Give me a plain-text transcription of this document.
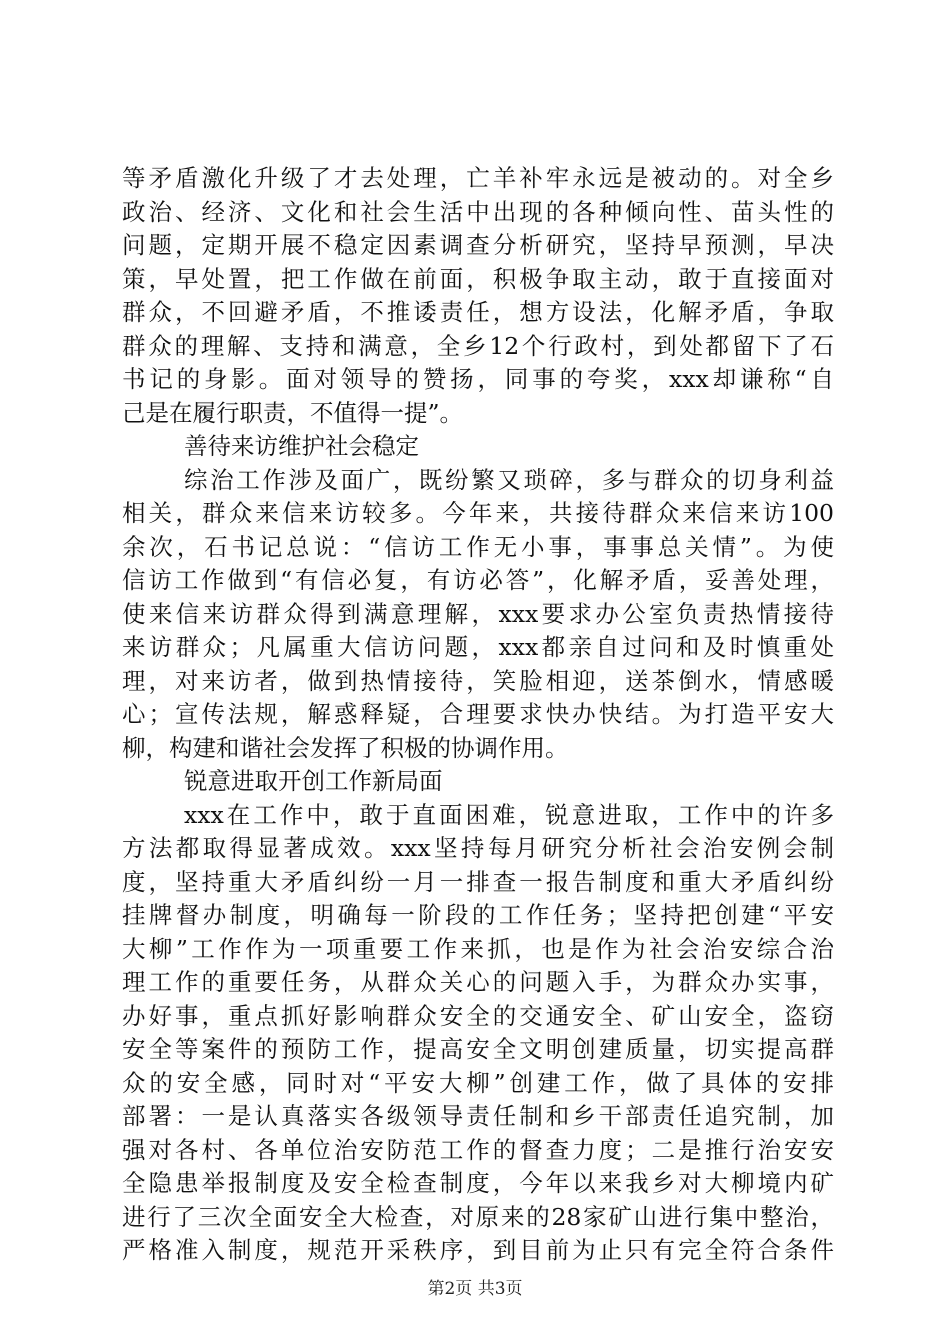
等矛盾激化升级了才去处理，亡羊补牢永远是被动的。对全乡
政治、经济、文化和社会生活中出现的各种倾向性、苗头性的
问题，定期开展不稳定因素调查分析研究，坚持早预测，早决
策，早处置，把工作做在前面，积极争取主动，敢于直接面对
群众，不回避矛盾，不推诿责任，想方设法，化解矛盾，争取
群众的理解、支持和满意，全乡12个行政村，到处都留下了石
书记的身影。面对领导的赞扬，同事的夸奖，xxx却谦称“自
己是在履行职责，不值得一提”。
善待来访维护社会稳定
综治工作涉及面广，既纷繁又琐碎，多与群众的切身利益
相关，群众来信来访较多。今年来，共接待群众来信来访100
余次，石书记总说：“信访工作无小事，事事总关情”。为使
信访工作做到“有信必复，有访必答”，化解矛盾，妥善处理，
使来信来访群众得到满意理解，xxx要求办公室负责热情接待
来访群众；凡属重大信访问题，xxx都亲自过问和及时慎重处
理，对来访者，做到热情接待，笑脸相迎，送茶倒水，情感暖
心；宣传法规，解惑释疑，合理要求快办快结。为打造平安大
柳，构建和谐社会发挥了积极的协调作用。
锐意进取开创工作新局面
xxx在工作中，敢于直面困难，锐意进取，工作中的许多
方法都取得显著成效。xxx坚持每月研究分析社会治安例会制
度，坚持重大矛盾纠纷一月一排查一报告制度和重大矛盾纠纷
挂牌督办制度，明确每一阶段的工作任务；坚持把创建“平安
大柳”工作作为一项重要工作来抓，也是作为社会治安综合治
理工作的重要任务，从群众关心的问题入手，为群众办实事，
办好事，重点抓好影响群众安全的交通安全、矿山安全，盗窃
安全等案件的预防工作，提高安全文明创建质量，切实提高群
众的安全感，同时对“平安大柳”创建工作，做了具体的安排
部署：一是认真落实各级领导责任制和乡干部责任追究制，加
强对各村、各单位治安防范工作的督查力度；二是推行治安安
全隐患举报制度及安全检查制度，今年以来我乡对大柳境内矿
进行了三次全面安全大检查，对原来的28家矿山进行集中整治，
严格准入制度，规范开采秩序，到目前为止只有完全符合条件
第2页 共3页
